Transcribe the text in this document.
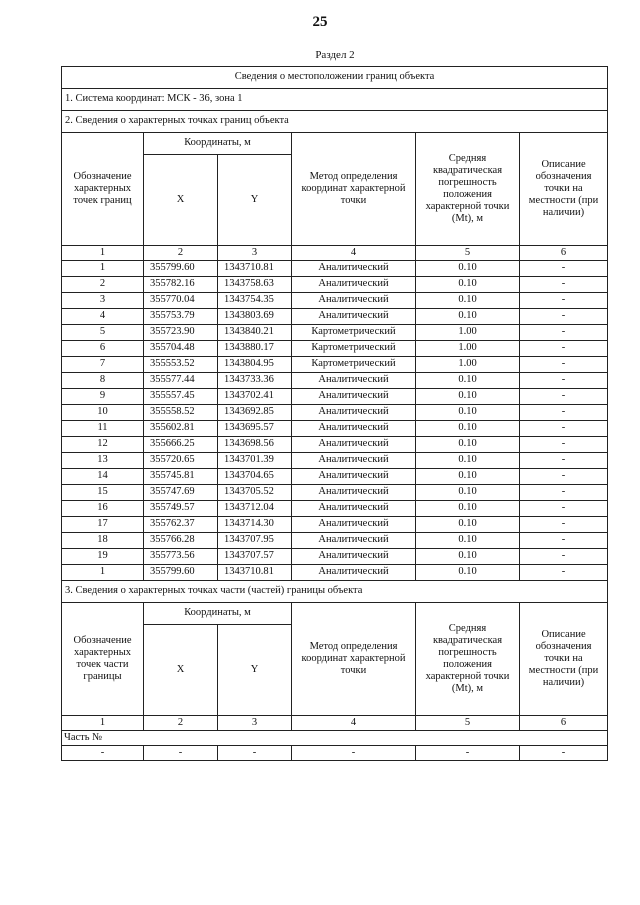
25
Раздел 2
Сведения о местоположении границ объекта					
1. Система координат: МСК - 36, зона 1					
2. Сведения о характерных точках границ объекта					
Обозначение характерных точек границ	Координаты, м		Метод определения координат характерной точки	Средняя квадратическая погрешность положения характерной точки (Mt), м	Описание обозначения точки на местности (при наличии)
	X	Y			
1	2	3	4	5	6
1	355799.60	1343710.81	Аналитический	0.10	-
2	355782.16	1343758.63	Аналитический	0.10	-
3	355770.04	1343754.35	Аналитический	0.10	-
4	355753.79	1343803.69	Аналитический	0.10	-
5	355723.90	1343840.21	Картометрический	1.00	-
6	355704.48	1343880.17	Картометрический	1.00	-
7	355553.52	1343804.95	Картометрический	1.00	-
8	355577.44	1343733.36	Аналитический	0.10	-
9	355557.45	1343702.41	Аналитический	0.10	-
10	355558.52	1343692.85	Аналитический	0.10	-
11	355602.81	1343695.57	Аналитический	0.10	-
12	355666.25	1343698.56	Аналитический	0.10	-
13	355720.65	1343701.39	Аналитический	0.10	-
14	355745.81	1343704.65	Аналитический	0.10	-
15	355747.69	1343705.52	Аналитический	0.10	-
16	355749.57	1343712.04	Аналитический	0.10	-
17	355762.37	1343714.30	Аналитический	0.10	-
18	355766.28	1343707.95	Аналитический	0.10	-
19	355773.56	1343707.57	Аналитический	0.10	-
1	355799.60	1343710.81	Аналитический	0.10	-
3. Сведения о характерных точках части (частей) границы объекта					
Обозначение характерных точек части границы	Координаты, м		Метод определения координат характерной точки	Средняя квадратическая погрешность положения характерной точки (Mt), м	Описание обозначения точки на местности (при наличии)
	X	Y			
1	2	3	4	5	6
Часть №					
-	-	-	-	-	-
